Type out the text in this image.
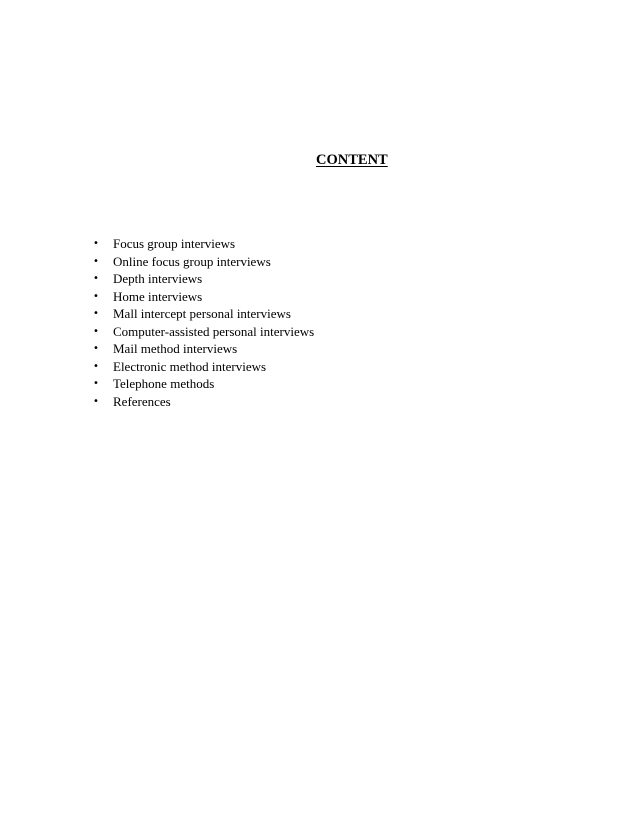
CONTENT
• Focus group interviews
• Online focus group interviews
• Depth interviews
• Home interviews
• Mall intercept personal interviews
• Computer-assisted personal interviews
• Mail method interviews
• Electronic method interviews
• Telephone methods
• References
